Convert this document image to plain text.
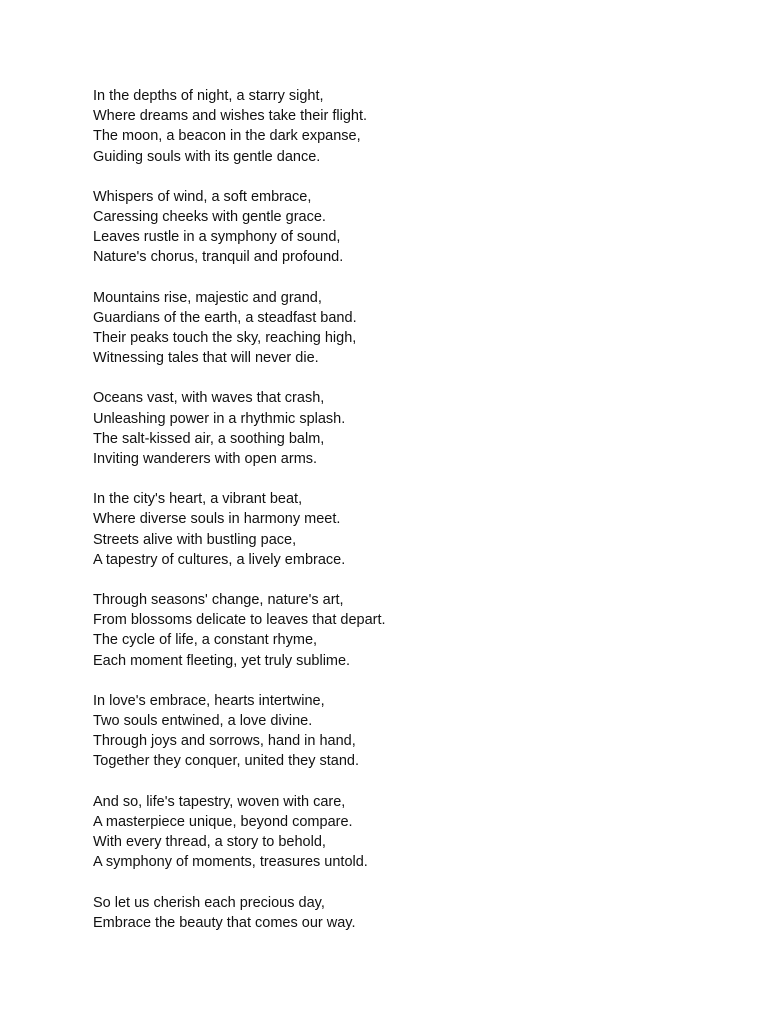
In the depths of night, a starry sight,
Where dreams and wishes take their flight.
The moon, a beacon in the dark expanse,
Guiding souls with its gentle dance.
Whispers of wind, a soft embrace,
Caressing cheeks with gentle grace.
Leaves rustle in a symphony of sound,
Nature's chorus, tranquil and profound.
Mountains rise, majestic and grand,
Guardians of the earth, a steadfast band.
Their peaks touch the sky, reaching high,
Witnessing tales that will never die.
Oceans vast, with waves that crash,
Unleashing power in a rhythmic splash.
The salt-kissed air, a soothing balm,
Inviting wanderers with open arms.
In the city's heart, a vibrant beat,
Where diverse souls in harmony meet.
Streets alive with bustling pace,
A tapestry of cultures, a lively embrace.
Through seasons' change, nature's art,
From blossoms delicate to leaves that depart.
The cycle of life, a constant rhyme,
Each moment fleeting, yet truly sublime.
In love's embrace, hearts intertwine,
Two souls entwined, a love divine.
Through joys and sorrows, hand in hand,
Together they conquer, united they stand.
And so, life's tapestry, woven with care,
A masterpiece unique, beyond compare.
With every thread, a story to behold,
A symphony of moments, treasures untold.
So let us cherish each precious day,
Embrace the beauty that comes our way.
